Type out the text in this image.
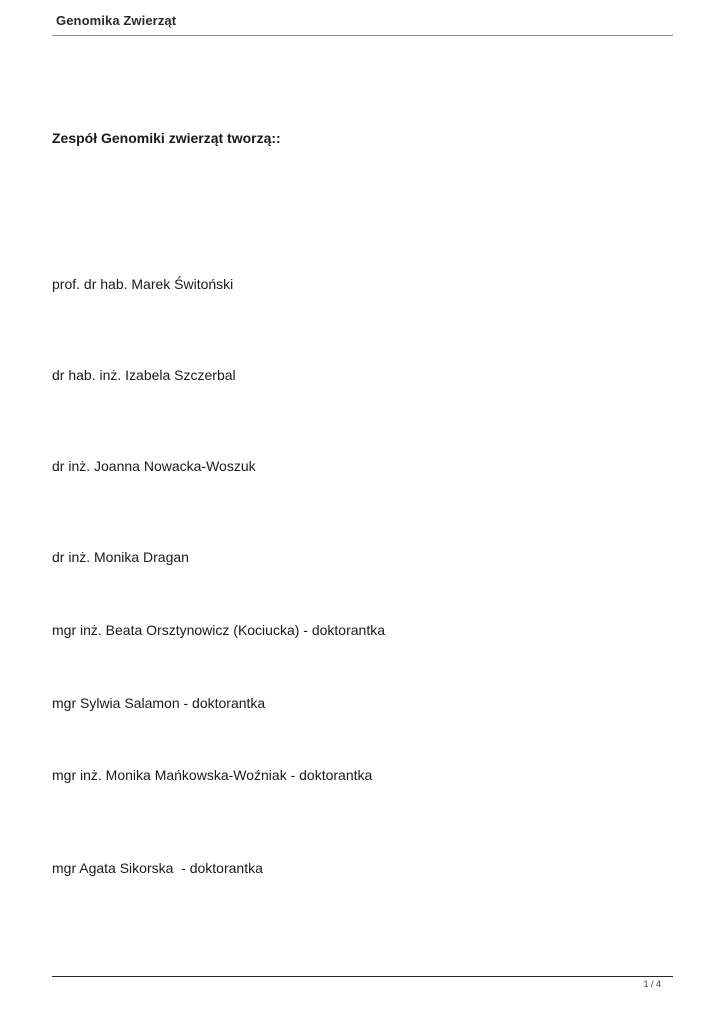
Genomika Zwierząt
Zespół Genomiki zwierząt tworzą::
prof. dr hab. Marek Świtoński
dr hab. inż. Izabela Szczerbal
dr inż. Joanna Nowacka-Woszuk
dr inż. Monika Dragan
mgr inż. Beata Orsztynowicz (Kociucka) - doktorantka
mgr Sylwia Salamon - doktorantka
mgr inż. Monika Mańkowska-Woźniak - doktorantka
mgr Agata Sikorska  - doktorantka
1 / 4
